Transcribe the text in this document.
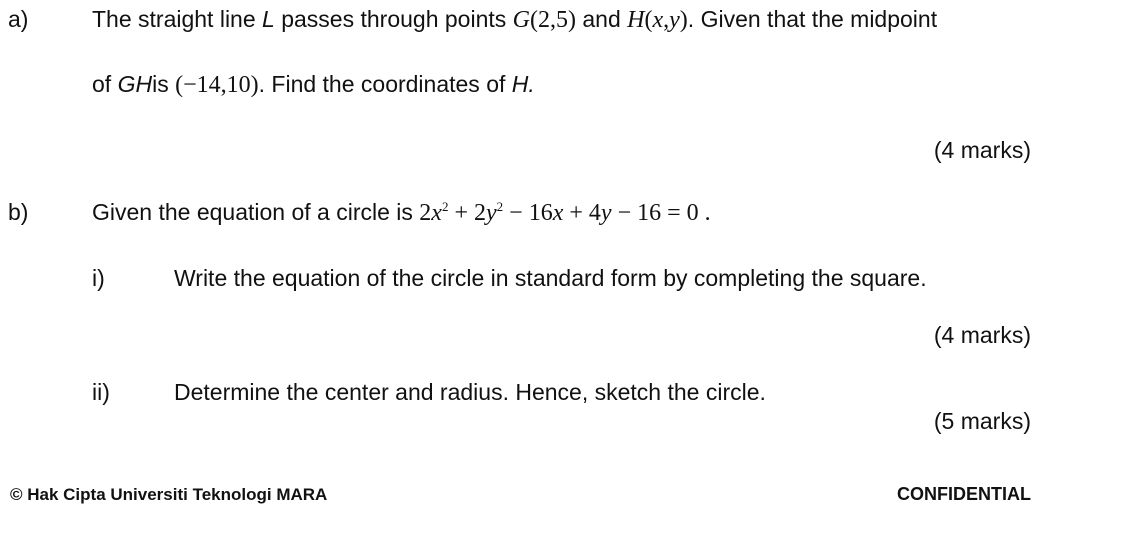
a)	The straight line L passes through points G(2,5) and H(x,y). Given that the midpoint
of GHis (−14,10). Find the coordinates of H.
(4 marks)
b)	Given the equation of a circle is $2x^2 + 2y^2 - 16x + 4y - 16 = 0$ .
i)	Write the equation of the circle in standard form by completing the square.
(4 marks)
ii)	Determine the center and radius. Hence, sketch the circle.
(5 marks)
© Hak Cipta Universiti Teknologi MARA	CONFIDENTIAL
